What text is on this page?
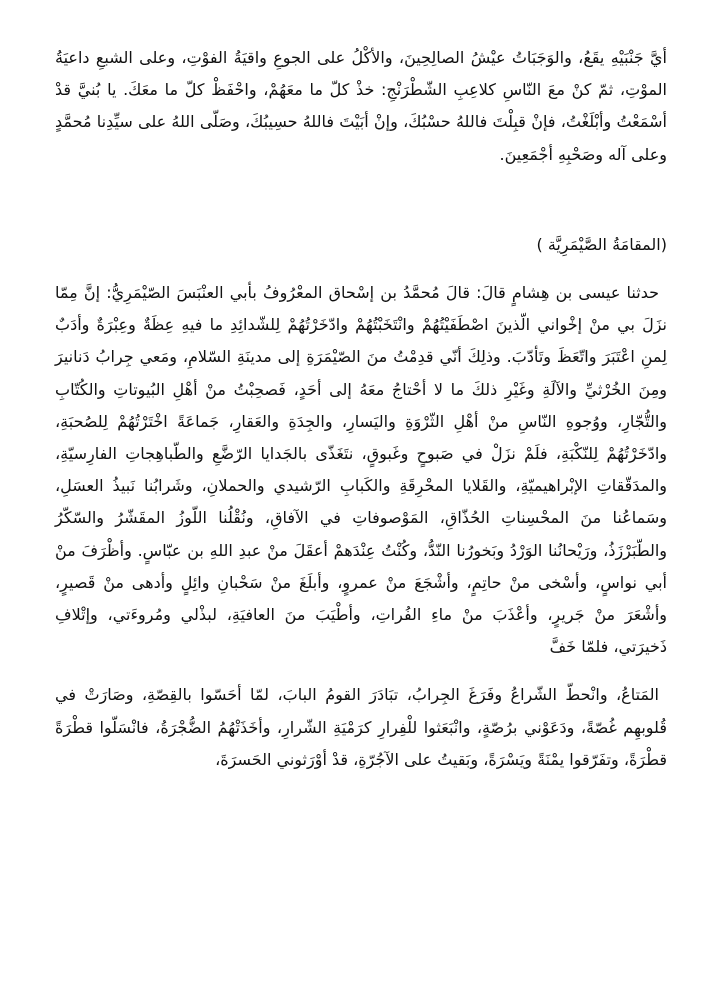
أيَّ جَنْبَيْهِ يقَعُ، والوَجَبَاتُ عيْشُ الصالِحِينَ، والأكْلُ على الجوعِ واقيَةُ الفوْتِ، وعلى الشبعِ داعيَةُ الموْتِ، ثمّ كنْ معَ النّاسِ كلاعِبِ الشّطْرَنْجِ: خذْ كلّ ما معَهُمْ، واحْفَظْ كلّ ما معَكَ. يا بُنيَّ قدْ أسْمَعْتُ وأبْلَغْتُ، فإنْ قبِلْتَ فاللهُ حسْبُكَ، وإنْ أبَيْتَ فاللهُ حسِيبُكَ، وصَلّى اللهُ على سيِّدِنا مُحمَّدٍ وعلى آله وصَحْبِهِ أجْمَعِينَ.

(المقامَةُ الصَّيْمَرِيَّة )

حدثنا عيسى بن هِشامٍ قالَ: قالَ مُحمَّدُ بن إسْحاق المعْرُوفُ بأبي العنْبَسَ الصّيْمَرِيُّ: إنَّ مِمّا نزَلَ بي منْ إخْواني الّذينَ اصْطَفَيْتُهُمْ وانْتَخَبْتُهُمْ وادّخَرْتُهُمْ لِلشّدائِدِ ما فيهِ عِظَةٌ وعِبْرَةٌ وأدَبٌ لِمنِ اعْتَبَرَ واتّعَظَ وتَأدّبَ. وذلِكَ أنّي قدِمْتُ منَ الصّيْمَرَةِ إلى مدينَةِ السّلامِ، ومَعي جِرابُ دَنانيرَ ومِنَ الخُرْثيِّ والآلَةِ وغَيْرِ ذلكَ ما لا أحْتاجُ معَهُ إلى أحَدٍ، فَصحِبْتُ منْ أهْلِ البُيوتاتِ والكُتّابِ والتُّجّارِ، ووُجوهِ النّاسِ منْ أهْلِ الثّرْوَةِ واليَسارِ، والجِدَةِ والعَقارِ، جَماعَةً اخْتَرْتُهُمْ لِلصُحبَةِ، وادّخَرْتُهُمْ لِلنّكْبَةِ، فلَمْ نزَلْ في صَبوحٍ وغَبوقٍ، نتَغَذّى بالجَدايا الرّضَّعِ والطّباهِجاتِ الفارِسيّةِ، والمدَقّقاتِ الإبْراهيميّةِ، والقَلايا المحْرِقَةِ والكَبابِ الرّشيدي والحملانِ، وشَرابُنا نَبيذُ العسَلِ، وسَماعُنا منَ المحْسِناتِ الحُذّاقِ، المَوْصوفاتِ في الآفاقِ، ونُقْلُنا اللّوزُ المقَشّرُ والسّكّرُ والطّبَرْزَذُ، ورَيْحانُنا الوَرْدُ وبَخورُنا النّدُّ، وكُنْتُ عِنْدَهمْ أعقَلَ منْ عبدِ اللهِ بن عبّاسٍ. وأظْرَفَ منْ أبي نواسٍ، وأسْخى منْ حاتِمٍ، وأشْجَعَ منْ عمروٍ، وأبلَغَ منْ سَحْبانِ وائِلٍ وأدهى منْ قَصيرٍ، وأشْعَرَ منْ جَريرٍ، وأعْذَبَ منْ ماءِ الفُراتِ، وأطْيَبَ منَ العافيَةِ، لبذْلي ومُروءَتي، وإتْلافِ ذَخيرَتي، فلمّا خَفَّ

المَتاعُ، وانْحطّ الشّراعُ وفَرَغَ الجِرابُ، تبَادَرَ القومُ البابَ، لمّا أحَسّوا بالقِصّةِ، وصَارَتْ في قُلوبهِم غُصّةً، ودَعَوْني برُصّةٍ، وانْبَعَثوا للْفِرارِ كرَمْيَةِ الشّرارِ، وأخَذَتْهُمُ الضُّجْرَةُ، فانْسَلّوا قطْرَةً قطْرَةً، وتفَرّقوا يمْنَةً ويَسْرَةً، وبَقيتُ على الآجُرّةِ، قدْ أوْرَثوني الحَسرَةَ،
